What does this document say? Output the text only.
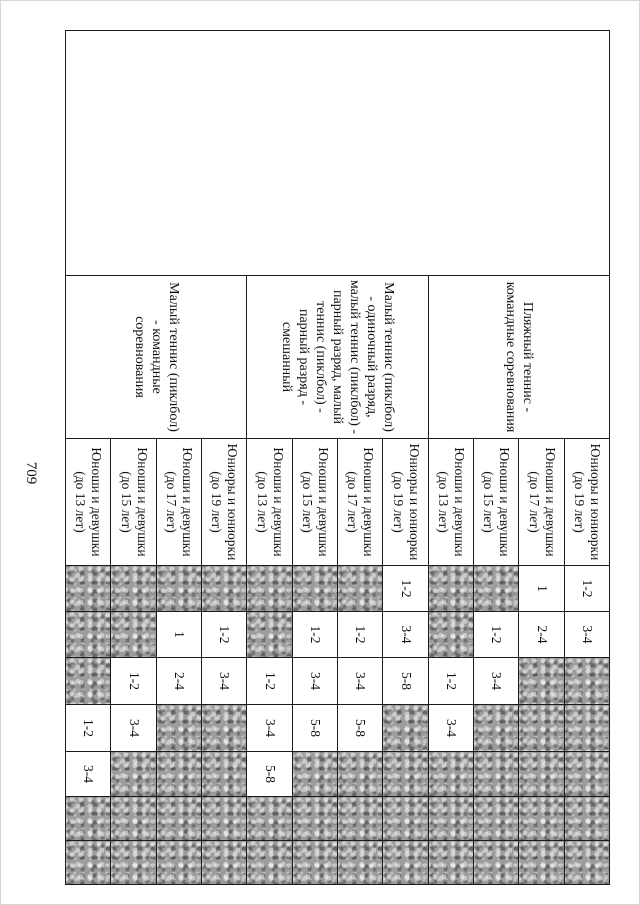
709
	Пляжный теннис - командные соревнования	Юниоры и юниорки (до 19 лет)	1-2	3-4					
		Юноши и девушки (до 17 лет)	1	2-4					
		Юноши и девушки (до 15 лет)		1-2	3-4				
		Юноши и девушки (до 13 лет)			1-2	3-4			
	Малый теннис (пиклбол) - одиночный разряд, малый теннис (пиклбол) - парный разряд, малый теннис (пиклбол) - парный разряд - смешанный	Юниоры и юниорки (до 19 лет)	1-2	3-4	5-8				
		Юноши и девушки (до 17 лет)		1-2	3-4	5-8			
		Юноши и девушки (до 15 лет)		1-2	3-4	5-8			
		Юноши и девушки (до 13 лет)			1-2	3-4	5-8		
	Малый теннис (пиклбол) - командные соревнования	Юниоры и юниорки (до 19 лет)		1-2	3-4				
		Юноши и девушки (до 17 лет)		1	2-4				
		Юноши и девушки (до 15 лет)			1-2	3-4			
		Юноши и девушки (до 13 лет)				1-2	3-4		
